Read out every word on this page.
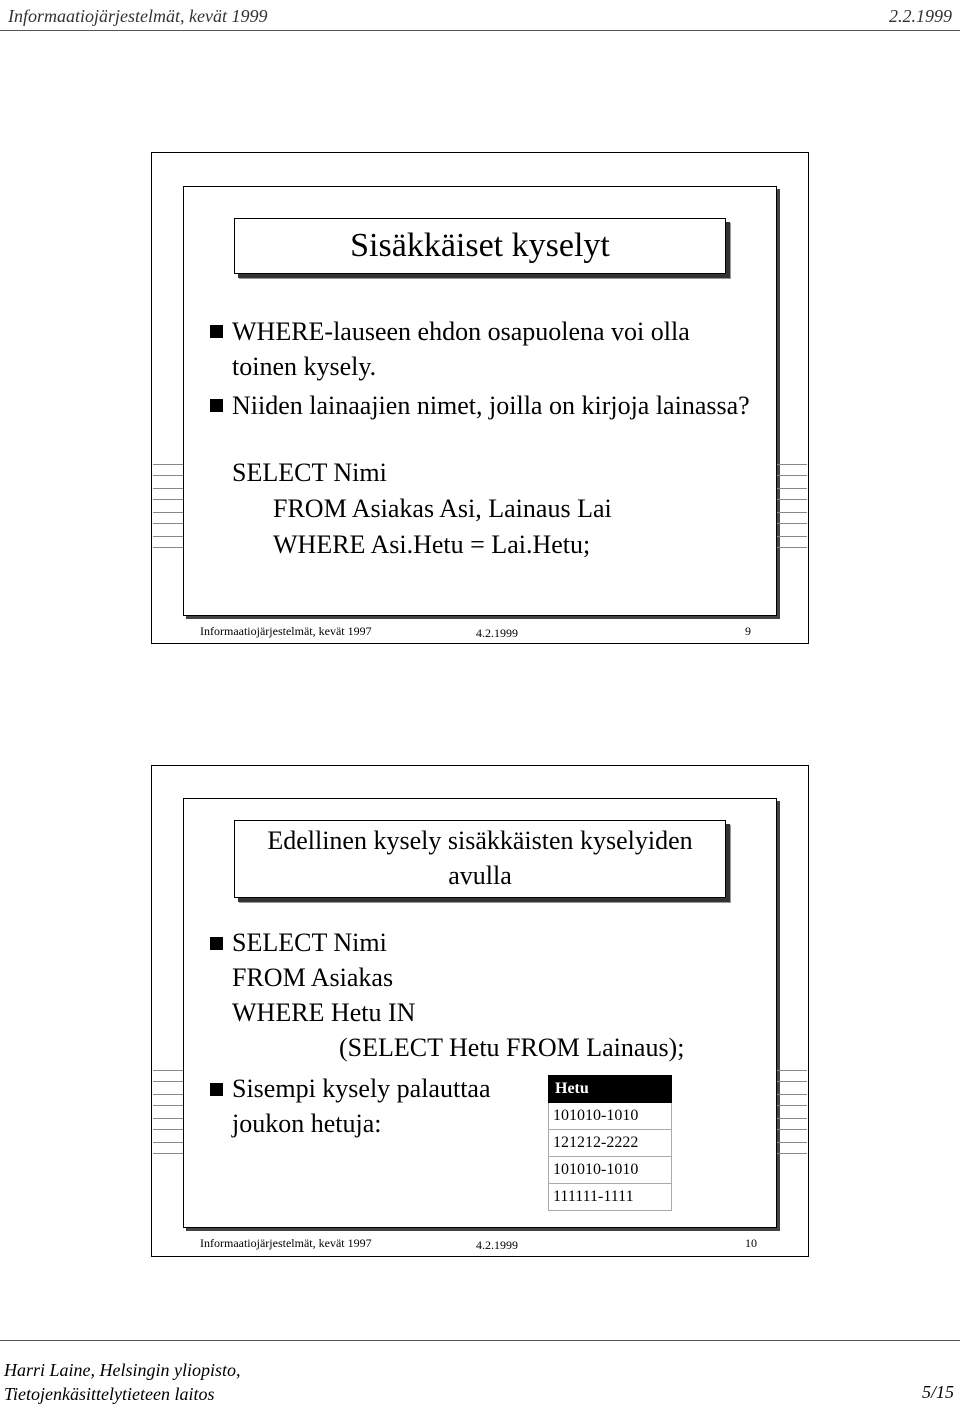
Informaatiojärjestelmät, kevät 1999	2.2.1999
Sisäkkäiset kyselyt
WHERE-lauseen ehdon osapuolena voi olla
toinen kysely.
Niiden lainaajien nimet, joilla on kirjoja lainassa?
SELECT Nimi
FROM Asiakas Asi, Lainaus Lai
WHERE Asi.Hetu = Lai.Hetu;
Informaatiojärjestelmät, kevät 1997	4.2.1999	9
Edellinen kysely sisäkkäisten kyselyiden
avulla
SELECT Nimi
FROM Asiakas
WHERE Hetu IN
(SELECT Hetu FROM Lainaus);
Sisempi kysely palauttaa
joukon hetuja:
Hetu
101010-1010
121212-2222
101010-1010
111111-1111
Informaatiojärjestelmät, kevät 1997	4.2.1999	10
Harri Laine, Helsingin yliopisto,
Tietojenkäsittelytieteen laitos	5/15
